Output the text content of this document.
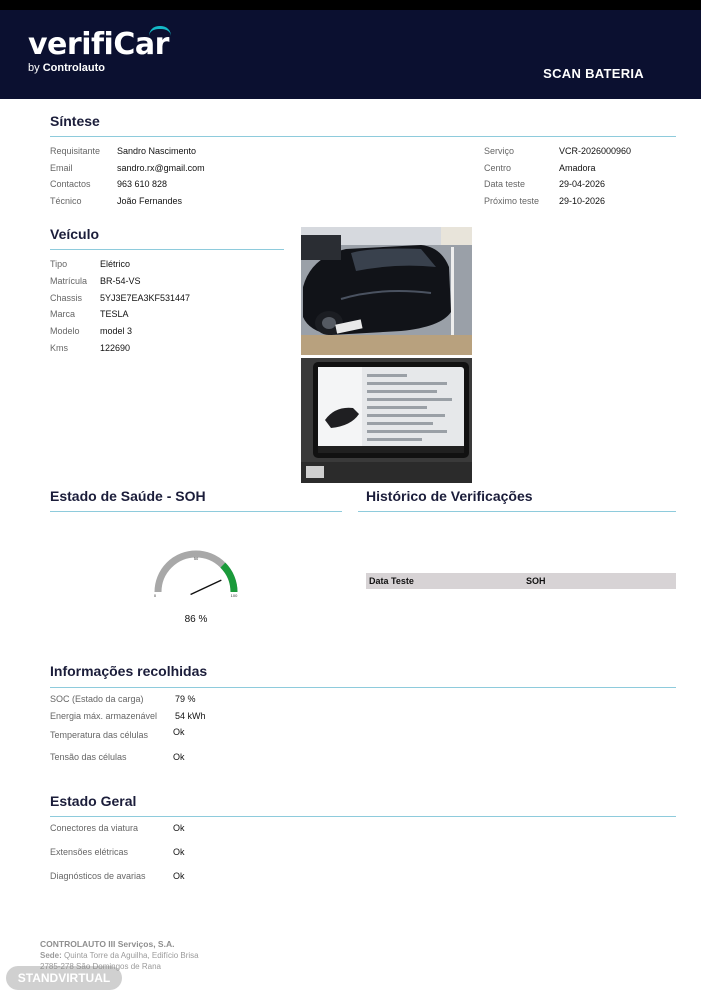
verifiCar
by Controlauto	SCAN BATERIA
Síntese
Requisitante Sandro Nascimento
Email	sandro.rx@gmail.com
Contactos	963 610 828
Técnico	João Fernandes
Serviço	VCR-2026000960
Centro	Amadora
Data teste	29-04-2026
Próximo teste 29-10-2026
Veículo
Tipo	Elétrico
Matrícula BR-54-VS
Chassis 5YJ3E7EA3KF531447
Marca	TESLA
Modelo model 3
Kms	122690
Estado de Saúde - SOH
0
50
100
86 %
Histórico de Verificações
Data Teste	SOH
Informações recolhidas
SOC (Estado da carga)	79 %
Energia máx. armazenável 54 kWh
Temperatura das células	Ok
Tensão das células	Ok
Estado Geral
Conectores da viatura	Ok
Extensões elétricas	Ok
Diagnósticos de avarias	Ok
CONTROLAUTO III Serviços, S.A.
Sede: Quinta Torre da Aguilha, Edifício Brisa
2785-278 São Domingos de Rana
STANDVIRTUAL
